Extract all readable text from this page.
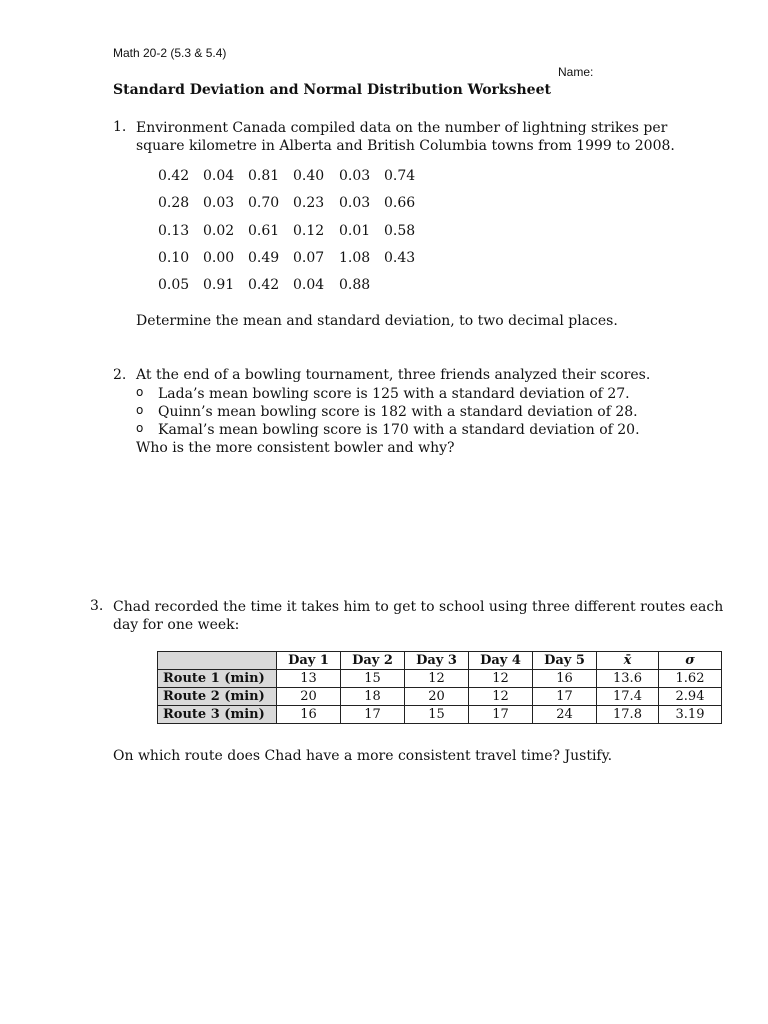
Math 20-2 (5.3 & 5.4)
Name:
Standard Deviation and Normal Distribution Worksheet
1. Environment Canada compiled data on the number of lightning strikes per square kilometre in Alberta and British Columbia towns from 1999 to 2008.
0.42 0.04 0.81 0.40 0.03 0.74
0.28 0.03 0.70 0.23 0.03 0.66
0.13 0.02 0.61 0.12 0.01 0.58
0.10 0.00 0.49 0.07 1.08 0.43
0.05 0.91 0.42 0.04 0.88
Determine the mean and standard deviation, to two decimal places.
2. At the end of a bowling tournament, three friends analyzed their scores.
o Lada’s mean bowling score is 125 with a standard deviation of 27.
o Quinn’s mean bowling score is 182 with a standard deviation of 28.
o Kamal’s mean bowling score is 170 with a standard deviation of 20.
Who is the more consistent bowler and why?
3. Chad recorded the time it takes him to get to school using three different routes each day for one week:
	Day 1	Day 2	Day 3	Day 4	Day 5	x̄	σ
Route 1 (min)	13	15	12	12	16	13.6	1.62
Route 2 (min)	20	18	20	12	17	17.4	2.94
Route 3 (min)	16	17	15	17	24	17.8	3.19
On which route does Chad have a more consistent travel time? Justify.
